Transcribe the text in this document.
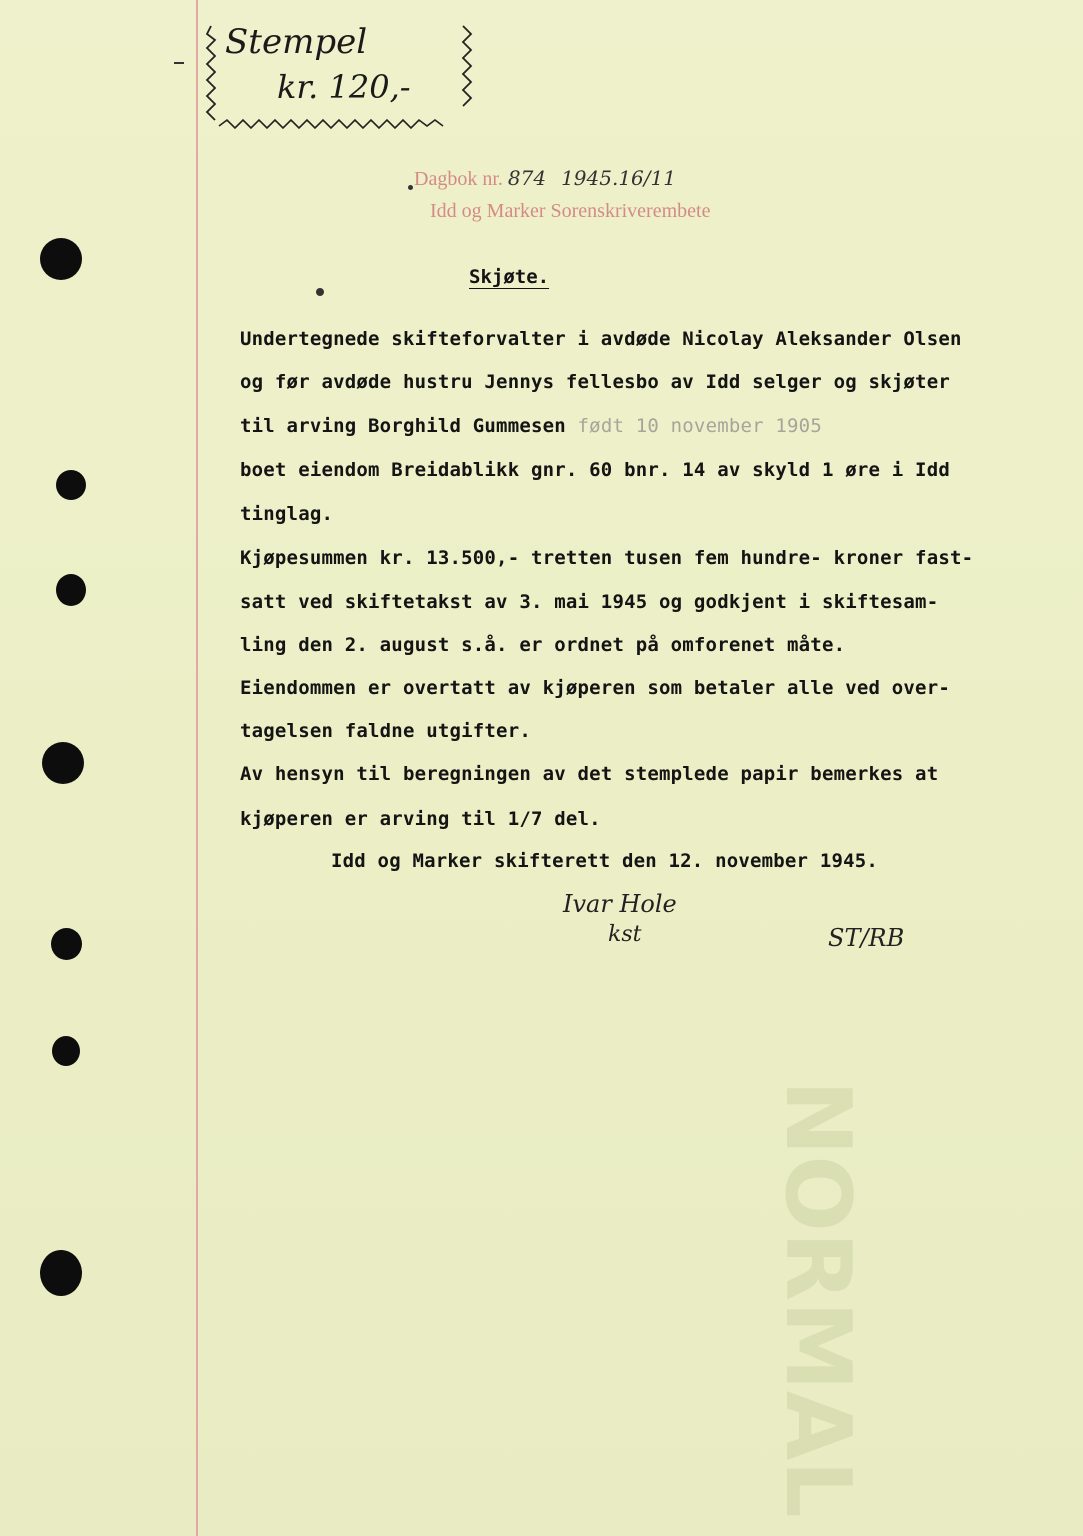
Stempel
kr. 120,-
Dagbok nr. 874 1945.16/11
Idd og Marker Sorenskriverembete
Skjøte.
Undertegnede skifteforvalter i avdøde Nicolay Aleksander Olsen
og før avdøde hustru Jennys fellesbo av Idd selger og skjøter
til arving Borghild Gummesen født 10 november 1905
boet eiendom Breidablikk gnr. 60 bnr. 14 av skyld 1 øre i Idd
tinglag.
Kjøpesummen kr. 13.500,- tretten tusen fem hundre- kroner fast-
satt ved skiftetakst av 3. mai 1945 og godkjent i skiftesam-
ling den 2. august s.å. er ordnet på omforenet måte.
Eiendommen er overtatt av kjøperen som betaler alle ved over-
tagelsen faldne utgifter.
Av hensyn til beregningen av det stemplede papir bemerkes at
kjøperen er arving til 1/7 del.
Idd og Marker skifterett den 12. november 1945.
Ivar Hole
kst	ST/RB
NORMAL
